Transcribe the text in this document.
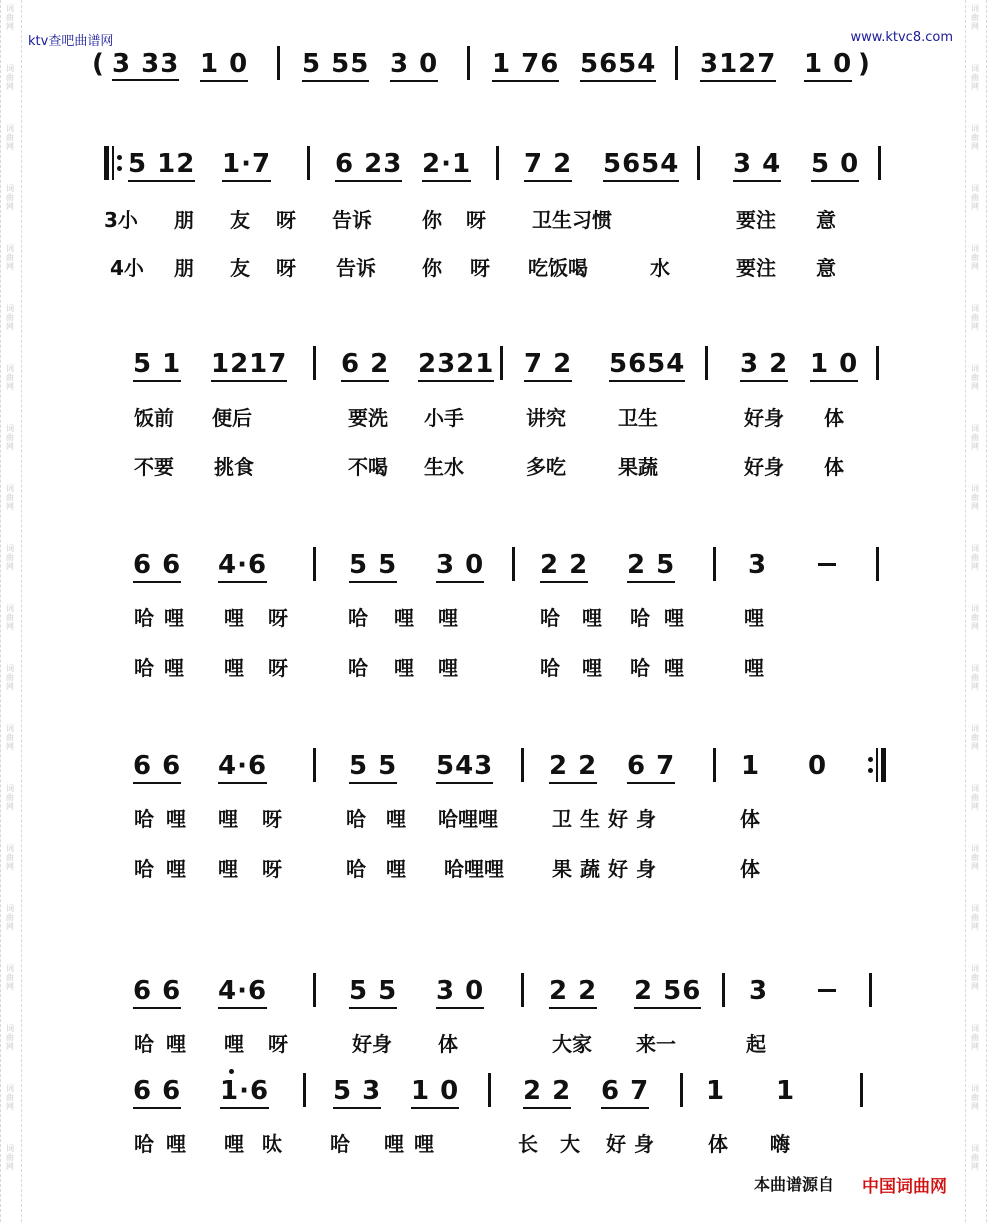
词
曲
网
词
曲
网
词
曲
网
词
曲
网
词
曲
网
词
曲
网
词
曲
网
词
曲
网
词
曲
网
词
曲
网
词
曲
网
词
曲
网
词
曲
网
词
曲
网
词
曲
网
词
曲
网
词
曲
网
词
曲
网
词
曲
网
词
曲
网
词
曲
网
词
曲
网
词
曲
网
词
曲
网
词
曲
网
词
曲
网
词
曲
网
词
曲
网
词
曲
网
词
曲
网
词
曲
网
词
曲
网
词
曲
网
词
曲
网
词
曲
网
词
曲
网
词
曲
网
词
曲
网
词
曲
网
词
曲
网
ktv查吧曲谱网	www.ktvc8.com
( 3 33 1 0 5 55 3 0 1 76 5654 3127 1 0 )
5 12 1·7 6 23 2·1 7 2 5654 3 4 5 0
3小 朋 友 呀 告诉	你 呀 卫生习惯	要注 意
4小 朋 友 呀 告诉 你 呀 吃饭喝	水	要注 意
5 1 1217 6 2 2321 7 2 5654 3 2 1 0
饭前 便后	要洗 小手	讲究	卫生	好身 体
不要 挑食	不喝 生水	多吃	果蔬	好身 体
6 6 4·6	5 5 3 0 2 2 2 5	3
哈 哩 哩 呀	哈 哩 哩	哈 哩 哈 哩	哩
哈 哩 哩 呀	哈 哩 哩	哈 哩 哈 哩	哩
6 6 4·6	5 5 543 2 2 6 7	1 0
哈 哩 哩 呀	哈 哩 哈哩哩	卫生好身	体
哈 哩 哩 呀	哈 哩 哈哩哩 果蔬好身	体
6 6 4·6	5 5 3 0 2 2 2 56 3
哈 哩 哩 呀	好身 体	大家 来一	起
6 6 1·6 5 3 1 0 2 2 6 7 1 1
哈 哩 哩 呔 哈 哩 哩	长大 好身 体 嗨
本曲谱源自 中国词曲网
